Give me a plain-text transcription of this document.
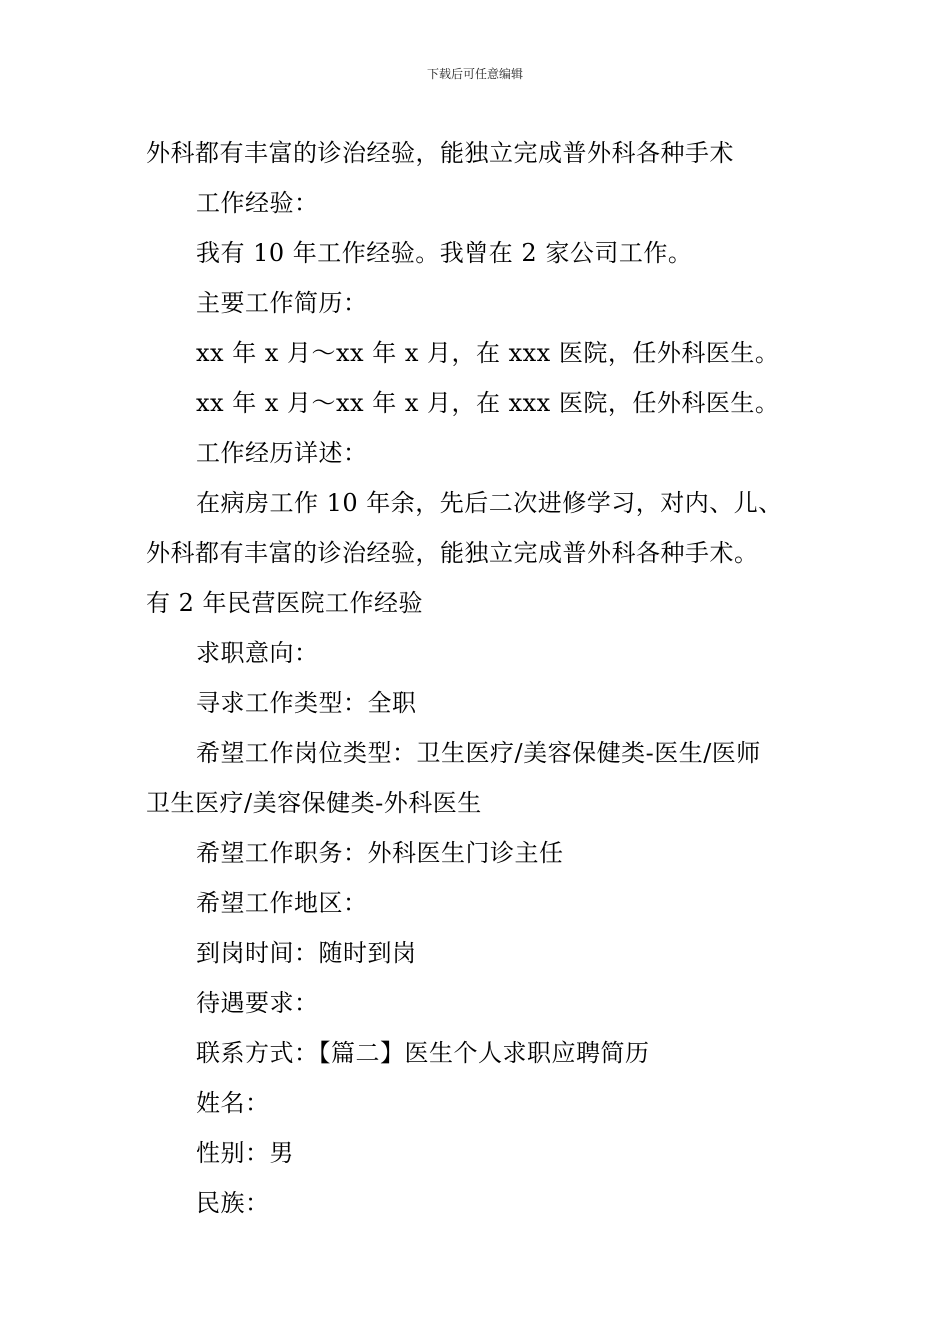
下载后可任意编辑
外科都有丰富的诊治经验，能独立完成普外科各种手术
工作经验：
我有 10 年工作经验。我曾在 2 家公司工作。
主要工作简历：
xx 年 x 月～xx 年 x 月，在 xxx 医院，任外科医生。
xx 年 x 月～xx 年 x 月，在 xxx 医院，任外科医生。
工作经历详述：
在病房工作 10 年余，先后二次进修学习，对内、儿、
外科都有丰富的诊治经验，能独立完成普外科各种手术。
有 2 年民营医院工作经验
求职意向：
寻求工作类型：全职
希望工作岗位类型：卫生医疗/美容保健类-医生/医师
卫生医疗/美容保健类-外科医生
希望工作职务：外科医生门诊主任
希望工作地区：
到岗时间：随时到岗
待遇要求：
联系方式：【篇二】医生个人求职应聘简历
姓名：
性别：男
民族：
